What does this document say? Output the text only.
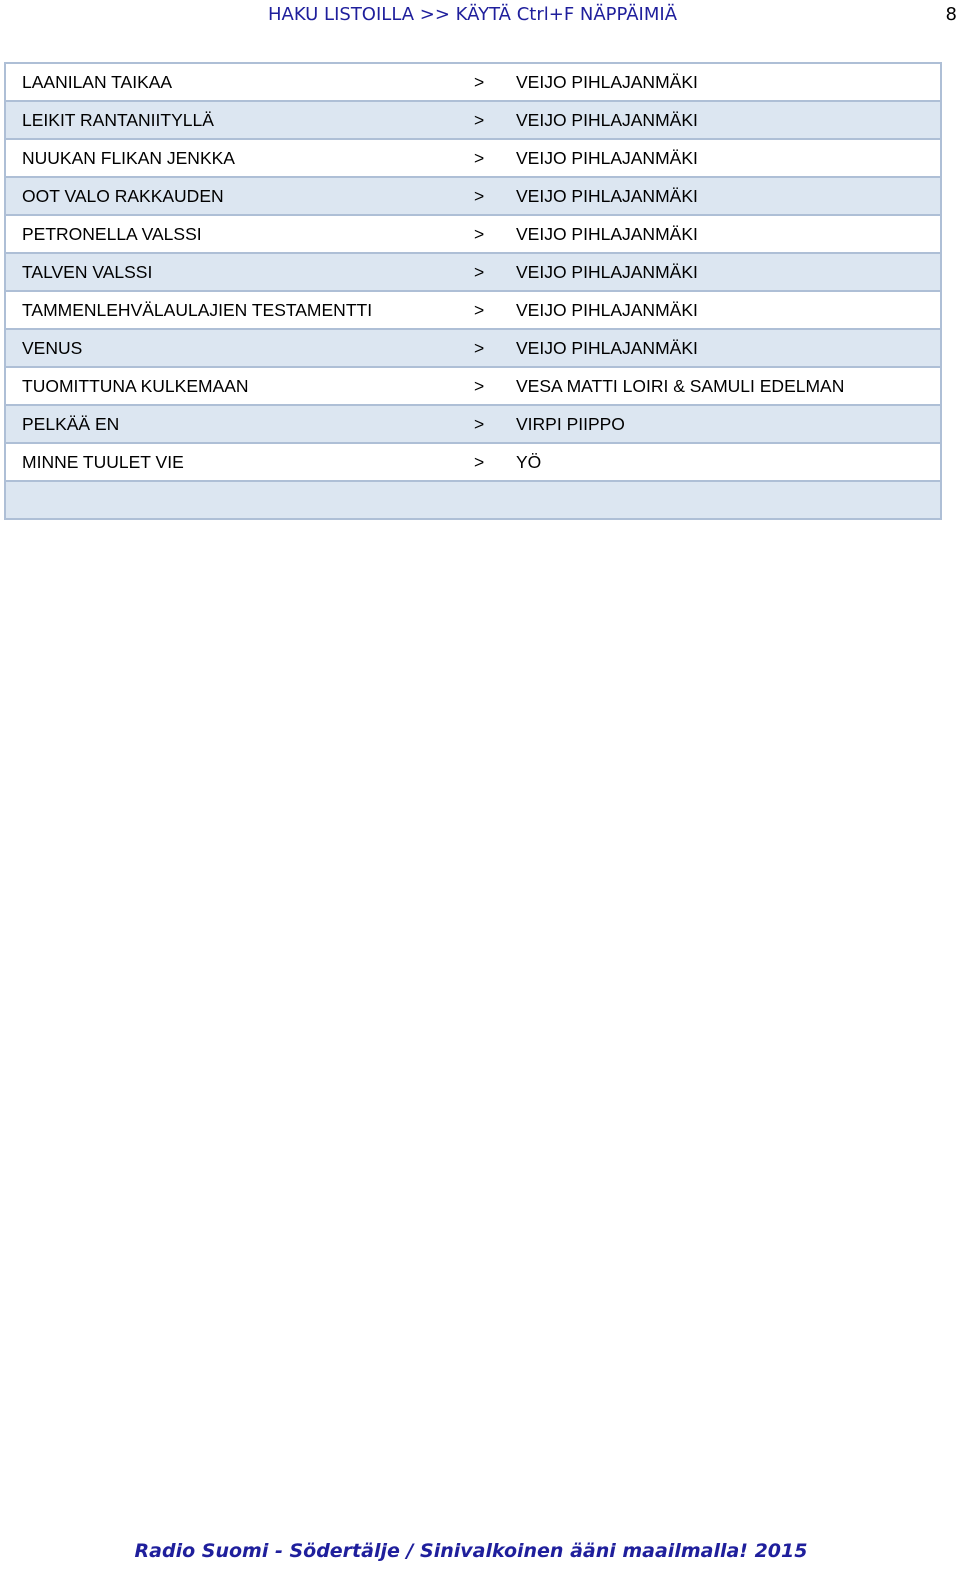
HAKU LISTOILLA >> KÄYTÄ Ctrl+F NÄPPÄIMIÄ	8
LAANILAN TAIKAA	>	VEIJO PIHLAJANMÄKI
LEIKIT RANTANIITYLLÄ	>	VEIJO PIHLAJANMÄKI
NUUKAN FLIKAN JENKKA	>	VEIJO PIHLAJANMÄKI
OOT VALO RAKKAUDEN	>	VEIJO PIHLAJANMÄKI
PETRONELLA VALSSI	>	VEIJO PIHLAJANMÄKI
TALVEN VALSSI	>	VEIJO PIHLAJANMÄKI
TAMMENLEHVÄLAULAJIEN TESTAMENTTI	>	VEIJO PIHLAJANMÄKI
VENUS	>	VEIJO PIHLAJANMÄKI
TUOMITTUNA KULKEMAAN	>	VESA MATTI LOIRI & SAMULI EDELMAN
PELKÄÄ EN	>	VIRPI PIIPPO
MINNE TUULET VIE	>	YÖ

Radio Suomi - Södertälje / Sinivalkoinen ääni maailmalla! 2015
